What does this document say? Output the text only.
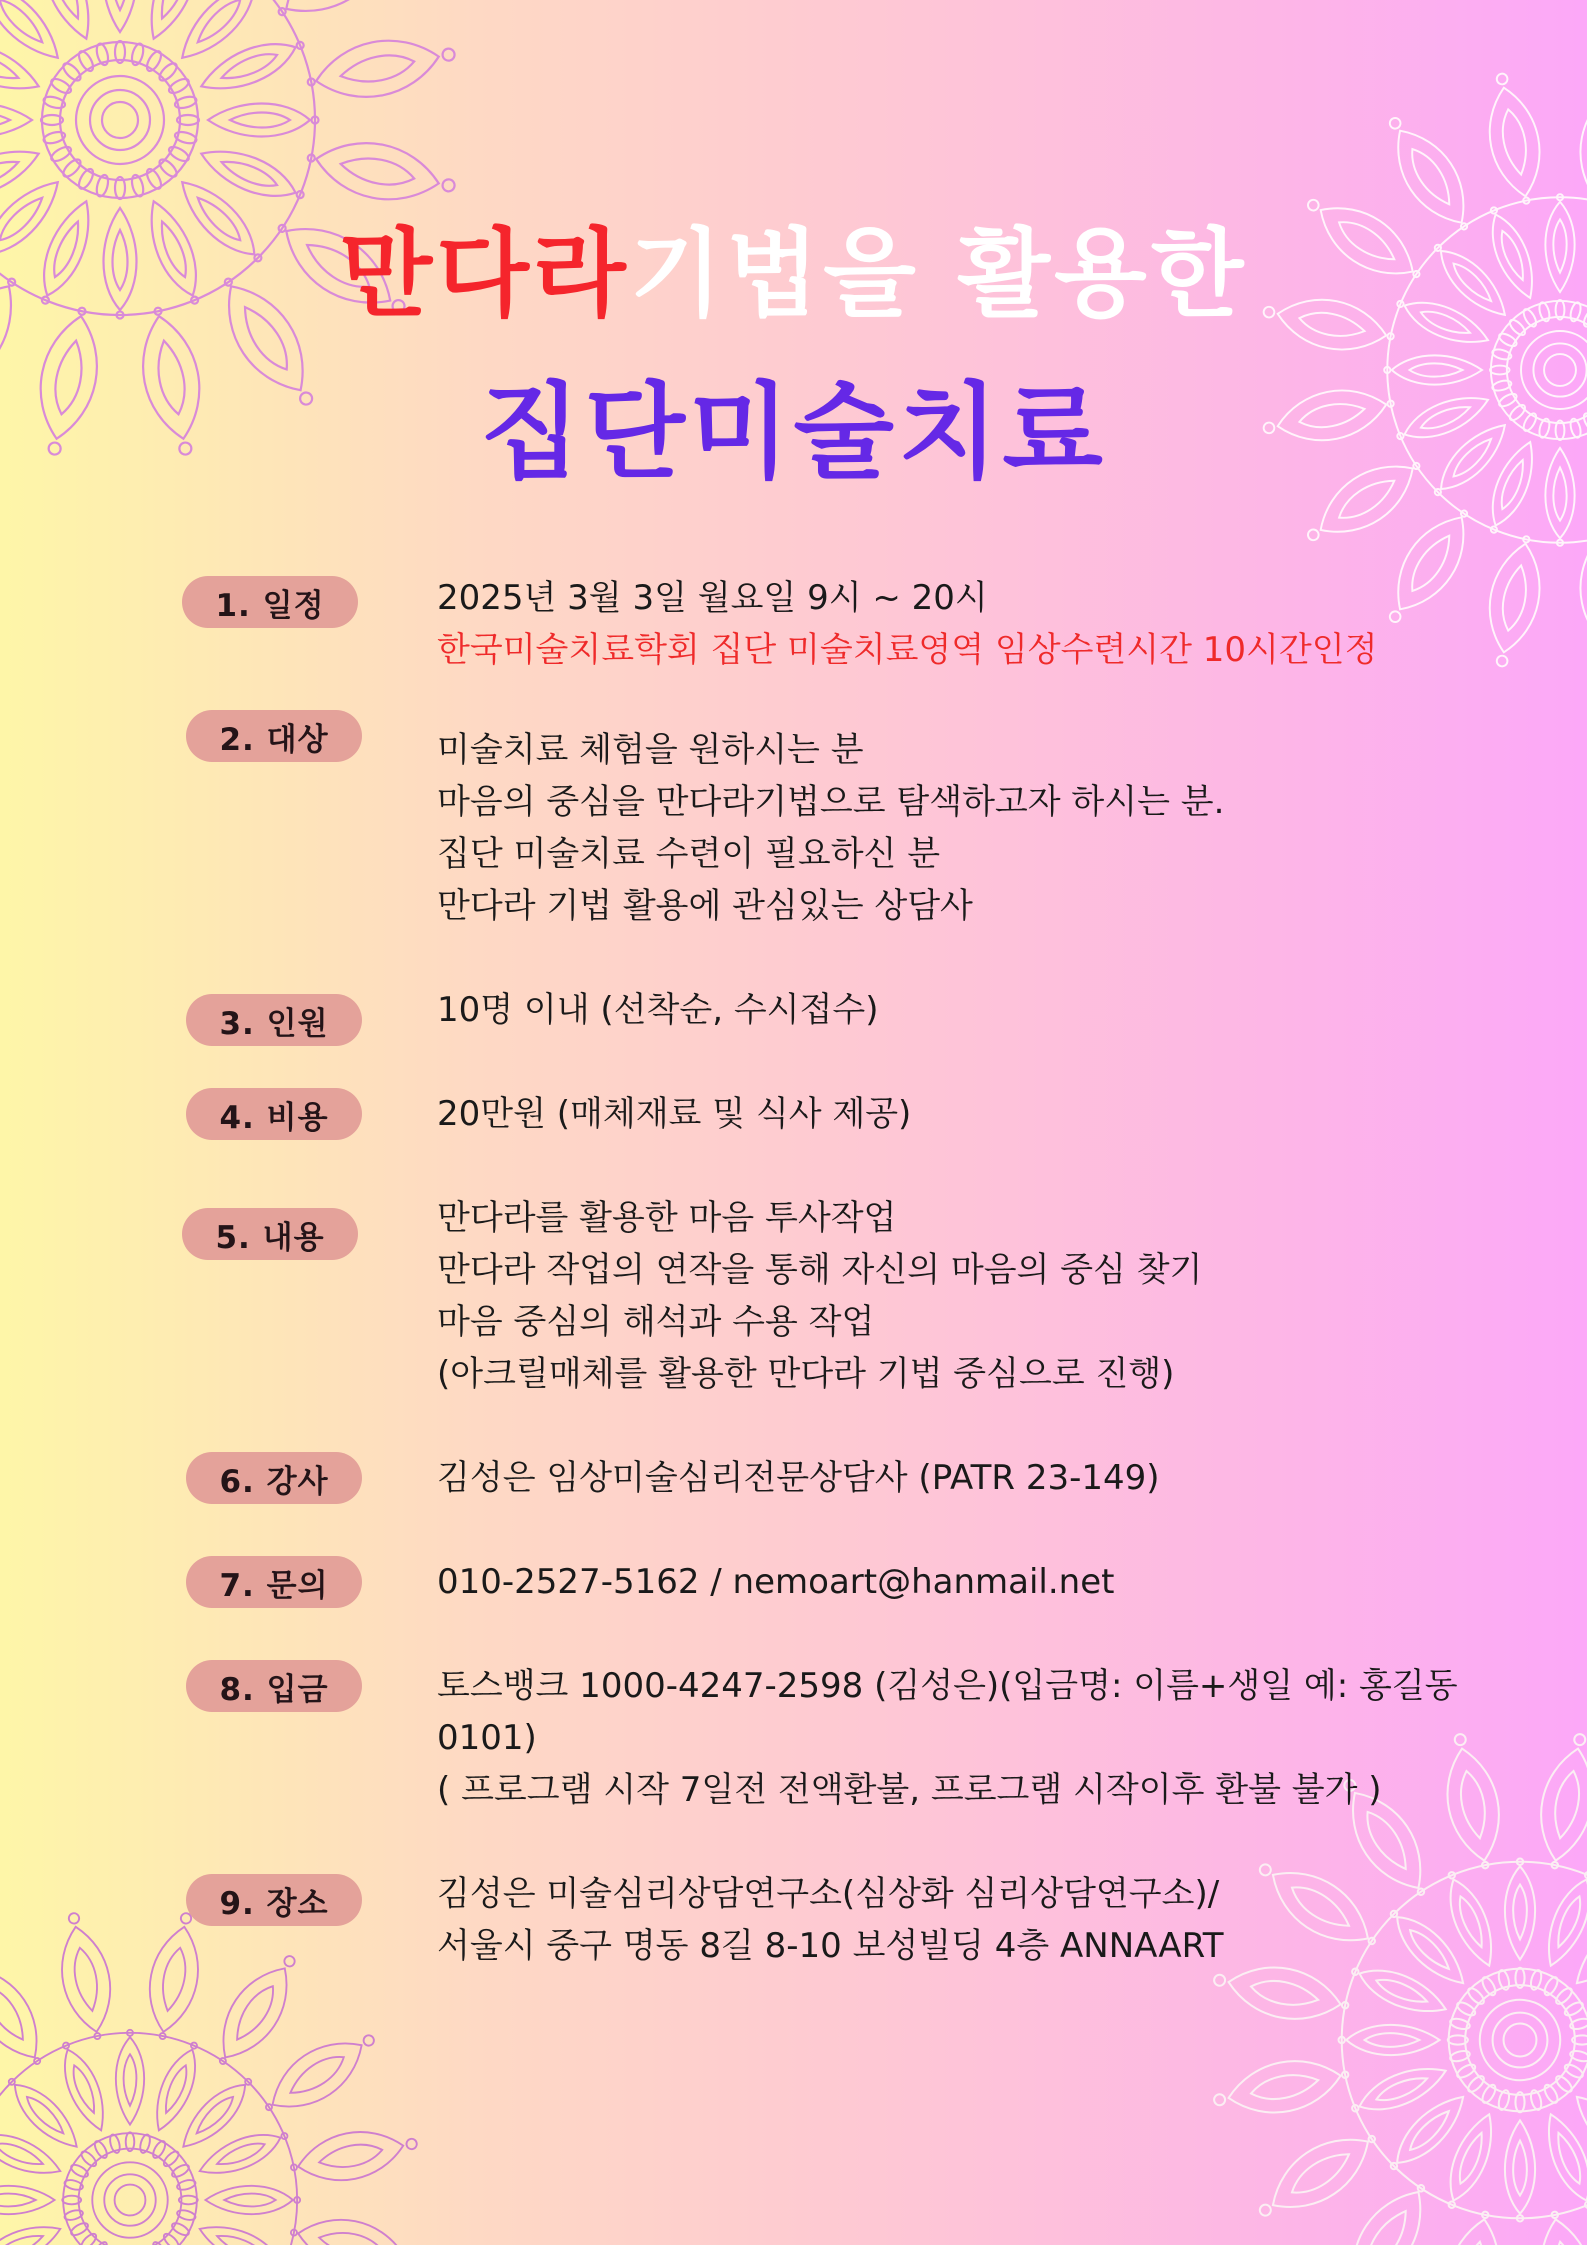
만다라기법을 활용한
집단미술치료
1. 일정	2025년 3월 3일 월요일 9시 ~ 20시
한국미술치료학회 집단 미술치료영역 임상수련시간 10시간인정
2. 대상	미술치료 체험을 원하시는 분
마음의 중심을 만다라기법으로 탐색하고자 하시는 분.
집단 미술치료 수련이 필요하신 분
만다라 기법 활용에 관심있는 상담사
3. 인원	10명 이내 (선착순, 수시접수)
4. 비용	20만원 (매체재료 및 식사 제공)
5. 내용	만다라를 활용한 마음 투사작업
만다라 작업의 연작을 통해 자신의 마음의 중심 찾기
마음 중심의 해석과 수용 작업
(아크릴매체를 활용한 만다라 기법 중심으로 진행)
6. 강사	김성은 임상미술심리전문상담사 (PATR 23-149)
7. 문의	010-2527-5162 / nemoart@hanmail.net
8. 입금	토스뱅크 1000-4247-2598 (김성은)(입금명: 이름+생일 예: 홍길동
0101)
( 프로그램 시작 7일전 전액환불, 프로그램 시작이후 환불 불가 )
9. 장소	김성은 미술심리상담연구소(심상화 심리상담연구소)/
서울시 중구 명동 8길 8-10 보성빌딩 4층 ANNAART
